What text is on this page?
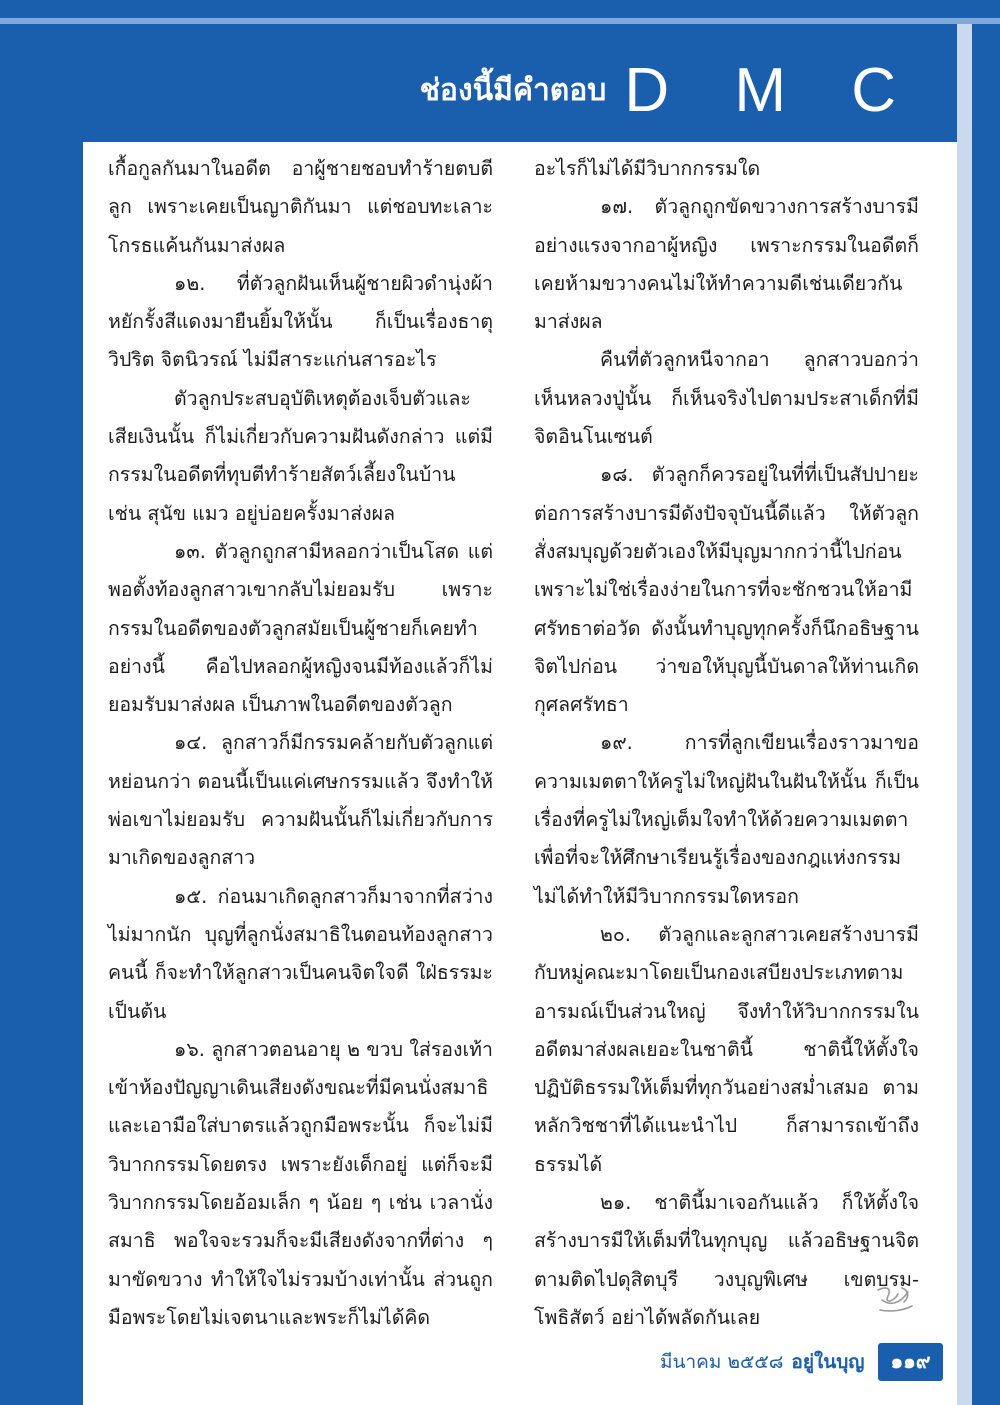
ช่องนี้มีคำตอบ D M C

เกื้อกูลกันมาในอดีต อาผู้ชายชอบทำร้ายตบตีลูก เพราะเคยเป็นญาติกันมา แต่ชอบทะเลาะโกรธแค้นกันมาส่งผล

๑๒. ที่ตัวลูกฝันเห็นผู้ชายผิวดำนุ่งผ้าหยักรั้งสีแดงมายืนยิ้มให้นั้น ก็เป็นเรื่องธาตุวิปริต จิตนิวรณ์ ไม่มีสาระแก่นสารอะไร

ตัวลูกประสบอุบัติเหตุต้องเจ็บตัวและเสียเงินนั้น ก็ไม่เกี่ยวกับความฝันดังกล่าว แต่มีกรรมในอดีตที่ทุบตีทำร้ายสัตว์เลี้ยงในบ้าน เช่น สุนัข แมว อยู่บ่อยครั้งมาส่งผล

๑๓. ตัวลูกถูกสามีหลอกว่าเป็นโสด แต่พอตั้งท้องลูกสาวเขากลับไม่ยอมรับ เพราะกรรมในอดีตของตัวลูกสมัยเป็นผู้ชายก็เคยทำอย่างนี้ คือไปหลอกผู้หญิงจนมีท้องแล้วก็ไม่ยอมรับมาส่งผล เป็นภาพในอดีตของตัวลูก

๑๔. ลูกสาวก็มีกรรมคล้ายกับตัวลูกแต่หย่อนกว่า ตอนนี้เป็นแค่เศษกรรมแล้ว จึงทำให้พ่อเขาไม่ยอมรับ ความฝันนั้นก็ไม่เกี่ยวกับการมาเกิดของลูกสาว

๑๕. ก่อนมาเกิดลูกสาวก็มาจากที่สว่างไม่มากนัก บุญที่ลูกนั่งสมาธิในตอนท้องลูกสาวคนนี้ ก็จะทำให้ลูกสาวเป็นคนจิตใจดี ใฝ่ธรรมะเป็นต้น

๑๖. ลูกสาวตอนอายุ ๒ ขวบ ใส่รองเท้าเข้าห้องปัญญาเดินเสียงดังขณะที่มีคนนั่งสมาธิ และเอามือใส่บาตรแล้วถูกมือพระนั้น ก็จะไม่มีวิบากกรรมโดยตรง เพราะยังเด็กอยู่ แต่ก็จะมีวิบากกรรมโดยอ้อมเล็ก ๆ น้อย ๆ เช่น เวลานั่งสมาธิ พอใจจะรวมก็จะมีเสียงดังจากที่ต่าง ๆ มาขัดขวาง ทำให้ใจไม่รวมบ้างเท่านั้น ส่วนถูกมือพระโดยไม่เจตนาและพระก็ไม่ได้คิด

อะไรก็ไม่ได้มีวิบากกรรมใด

๑๗. ตัวลูกถูกขัดขวางการสร้างบารมีอย่างแรงจากอาผู้หญิง เพราะกรรมในอดีตก็เคยห้ามขวางคนไม่ให้ทำความดีเช่นเดียวกันมาส่งผล

คืนที่ตัวลูกหนีจากอา ลูกสาวบอกว่าเห็นหลวงปู่นั้น ก็เห็นจริงไปตามประสาเด็กที่มีจิตอินโนเซนต์

๑๘. ตัวลูกก็ควรอยู่ในที่ที่เป็นสัปปายะต่อการสร้างบารมีดังปัจจุบันนี้ดีแล้ว ให้ตัวลูกสั่งสมบุญด้วยตัวเองให้มีบุญมากกว่านี้ไปก่อน เพราะไม่ใช่เรื่องง่ายในการที่จะชักชวนให้อามีศรัทธาต่อวัด ดังนั้นทำบุญทุกครั้งก็นึกอธิษฐานจิตไปก่อน ว่าขอให้บุญนี้บันดาลให้ท่านเกิดกุศลศรัทธา

๑๙. การที่ลูกเขียนเรื่องราวมาขอความเมตตาให้ครูไม่ใหญ่ฝันในฝันให้นั้น ก็เป็นเรื่องที่ครูไม่ใหญ่เต็มใจทำให้ด้วยความเมตตา เพื่อที่จะให้ศึกษาเรียนรู้เรื่องของกฎแห่งกรรม ไม่ได้ทำให้มีวิบากกรรมใดหรอก

๒๐. ตัวลูกและลูกสาวเคยสร้างบารมีกับหมู่คณะมาโดยเป็นกองเสบียงประเภทตามอารมณ์เป็นส่วนใหญ่ จึงทำให้วิบากกรรมในอดีตมาส่งผลเยอะในชาตินี้ ชาตินี้ให้ตั้งใจปฏิบัติธรรมให้เต็มที่ทุกวันอย่างสม่ำเสมอ ตามหลักวิชชาที่ได้แนะนำไป ก็สามารถเข้าถึงธรรมได้

๒๑. ชาตินี้มาเจอกันแล้ว ก็ให้ตั้งใจสร้างบารมีให้เต็มที่ในทุกบุญ แล้วอธิษฐานจิตตามติดไปดุสิตบุรี วงบุญพิเศษ เขตบรม-โพธิสัตว์ อย่าได้พลัดกันเลย

มีนาคม ๒๕๕๘ อยู่ในบุญ	๑๑๙
